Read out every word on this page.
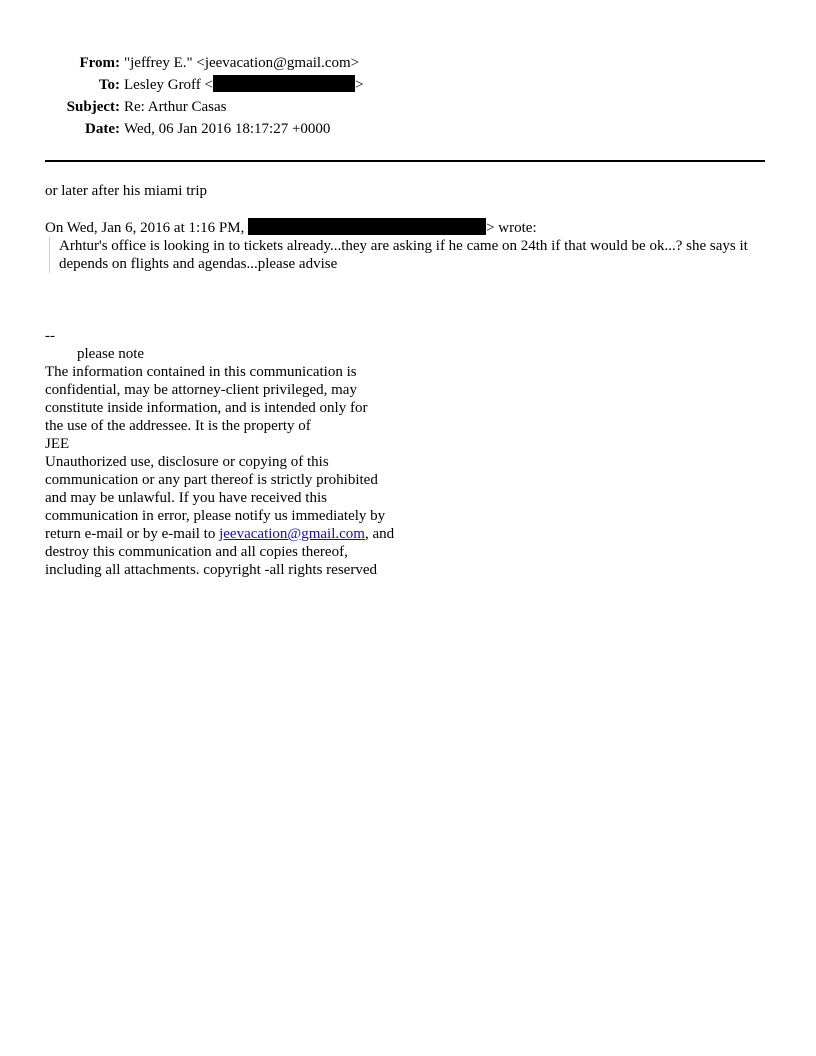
From:	"jeffrey E." <jeevacation@gmail.com>
To:	Lesley Groff < >
Subject:	Re: Arthur Casas
Date:	Wed, 06 Jan 2016 18:17:27 +0000
or later after his miami trip
On Wed, Jan 6, 2016 at 1:16 PM,	> wrote:
Arhtur's office is looking in to tickets already...they are asking if he came on 24th if that would be ok...? she says it depends on flights and agendas...please advise
--
please note
The information contained in this communication is
confidential, may be attorney-client privileged, may
constitute inside information, and is intended only for
the use of the addressee. It is the property of
JEE
Unauthorized use, disclosure or copying of this
communication or any part thereof is strictly prohibited
and may be unlawful. If you have received this
communication in error, please notify us immediately by
return e-mail or by e-mail to jeevacation@gmail.com, and
destroy this communication and all copies thereof,
including all attachments. copyright -all rights reserved
